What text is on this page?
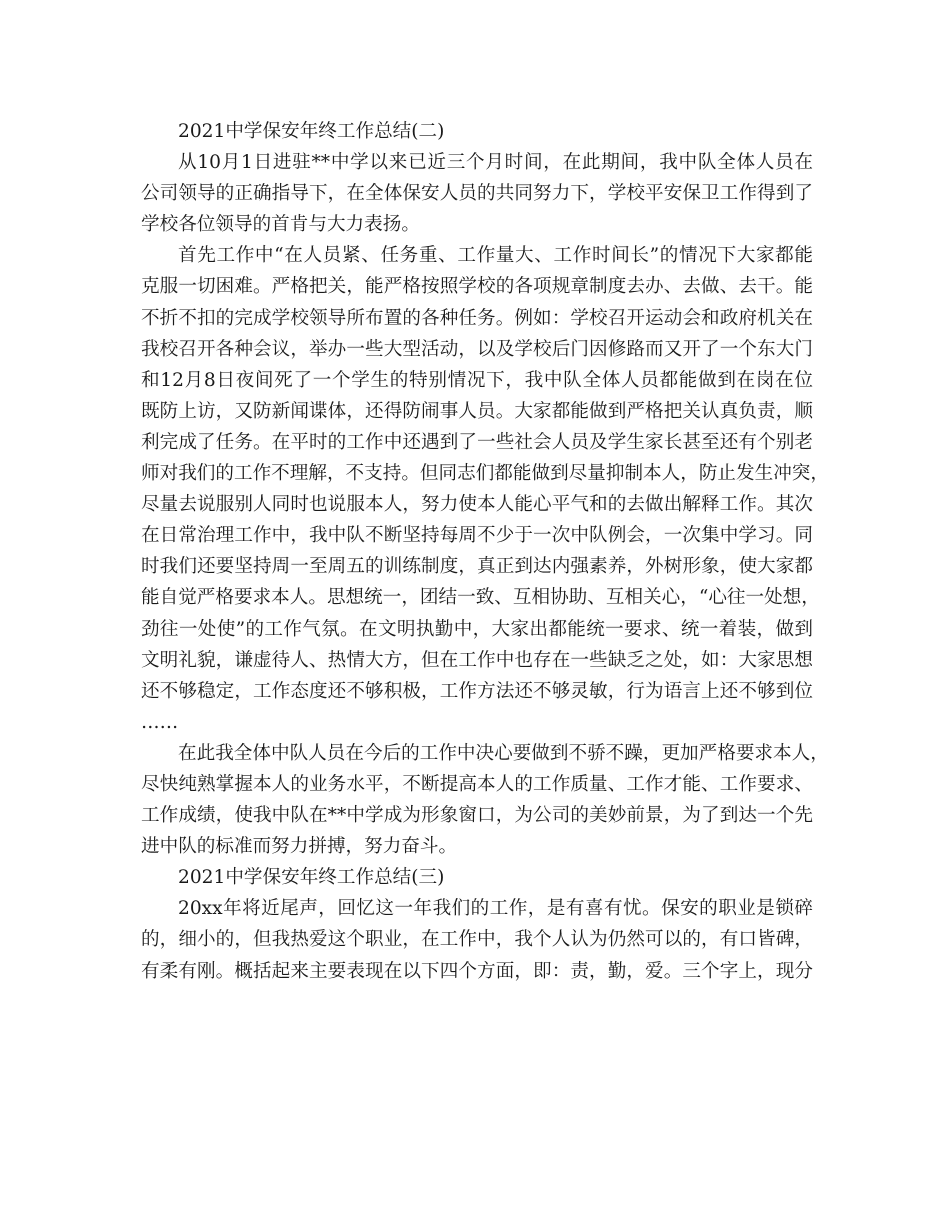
2021中学保安年终工作总结(二)
从10月1日进驻**中学以来已近三个月时间，在此期间，我中队全体人员在
公司领导的正确指导下，在全体保安人员的共同努力下，学校平安保卫工作得到了
学校各位领导的首肯与大力表扬。
首先工作中“在人员紧、任务重、工作量大、工作时间长”的情况下大家都能
克服一切困难。严格把关，能严格按照学校的各项规章制度去办、去做、去干。能
不折不扣的完成学校领导所布置的各种任务。例如：学校召开运动会和政府机关在
我校召开各种会议，举办一些大型活动，以及学校后门因修路而又开了一个东大门
和12月8日夜间死了一个学生的特别情况下，我中队全体人员都能做到在岗在位
既防上访，又防新闻谍体，还得防闹事人员。大家都能做到严格把关认真负责，顺
利完成了任务。在平时的工作中还遇到了一些社会人员及学生家长甚至还有个别老
师对我们的工作不理解，不支持。但同志们都能做到尽量抑制本人，防止发生冲突，
尽量去说服别人同时也说服本人，努力使本人能心平气和的去做出解释工作。其次
在日常治理工作中，我中队不断坚持每周不少于一次中队例会，一次集中学习。同
时我们还要坚持周一至周五的训练制度，真正到达内强素养，外树形象，使大家都
能自觉严格要求本人。思想统一，团结一致、互相协助、互相关心，“心往一处想，
劲往一处使”的工作气氛。在文明执勤中，大家出都能统一要求、统一着装，做到
文明礼貌，谦虚待人、热情大方，但在工作中也存在一些缺乏之处，如：大家思想
还不够稳定，工作态度还不够积极，工作方法还不够灵敏，行为语言上还不够到位
……
在此我全体中队人员在今后的工作中决心要做到不骄不躁，更加严格要求本人，
尽快纯熟掌握本人的业务水平，不断提高本人的工作质量、工作才能、工作要求、
工作成绩，使我中队在**中学成为形象窗口，为公司的美妙前景，为了到达一个先
进中队的标准而努力拼搏，努力奋斗。
2021中学保安年终工作总结(三)
20xx年将近尾声，回忆这一年我们的工作，是有喜有忧。保安的职业是锁碎
的，细小的，但我热爱这个职业，在工作中，我个人认为仍然可以的，有口皆碑，
有柔有刚。概括起来主要表现在以下四个方面，即：责，勤，爱。三个字上，现分
